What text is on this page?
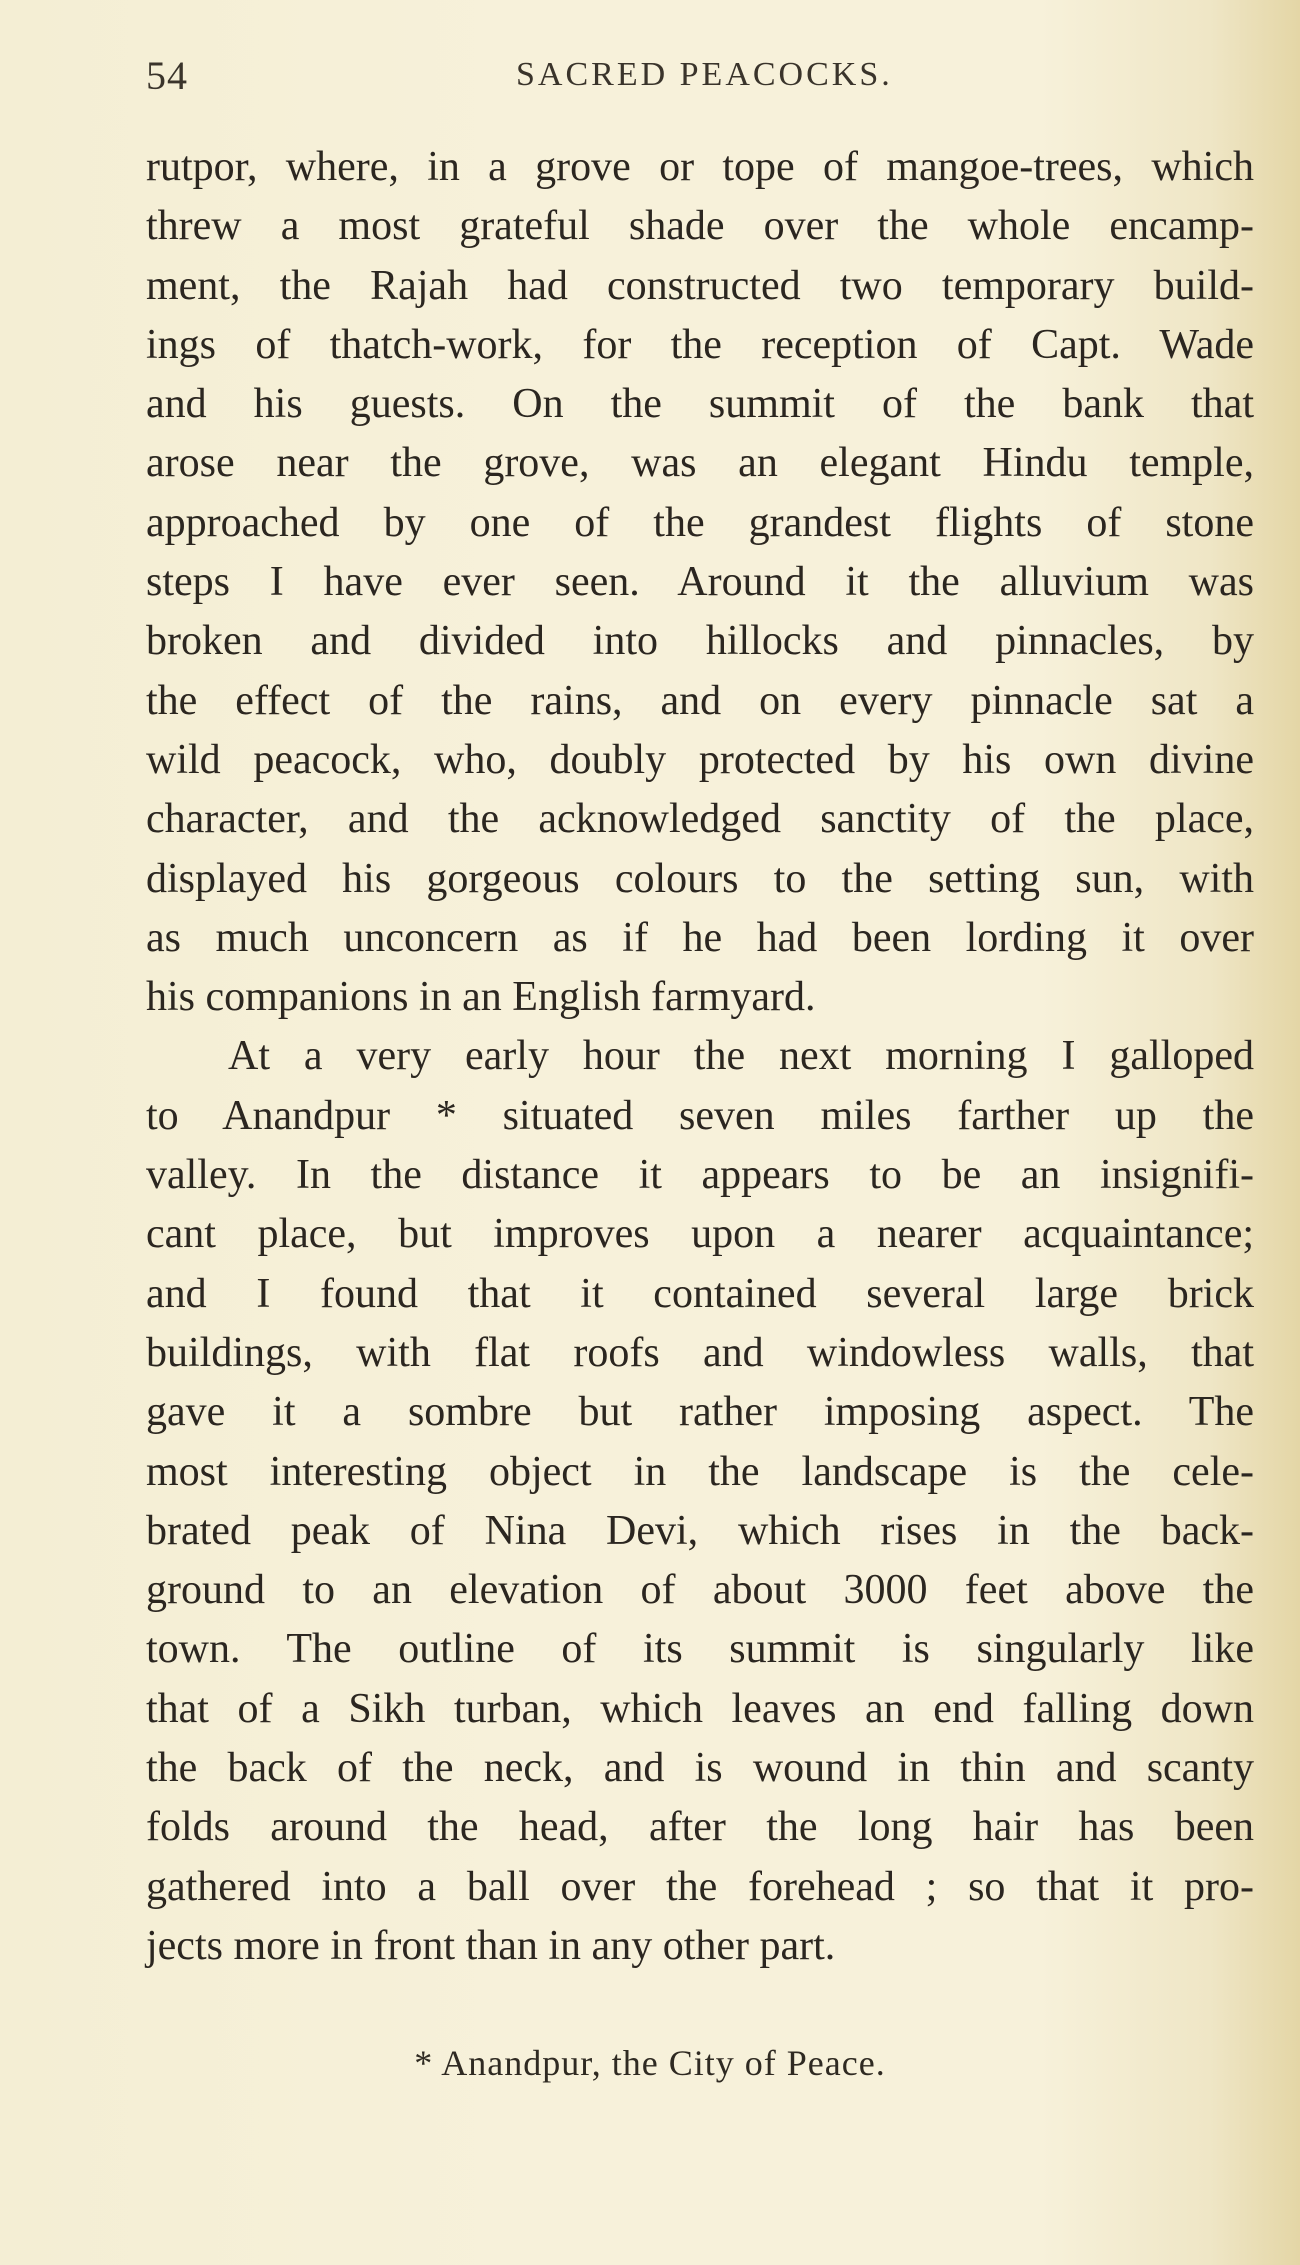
54	SACRED PEACOCKS.
rutpor, where, in a grove or tope of mangoe-trees, which
threw a most grateful shade over the whole encamp-
ment, the Rajah had constructed two temporary build-
ings of thatch-work, for the reception of Capt. Wade
and his guests. On the summit of the bank that
arose near the grove, was an elegant Hindu temple,
approached by one of the grandest flights of stone
steps I have ever seen. Around it the alluvium was
broken and divided into hillocks and pinnacles, by
the effect of the rains, and on every pinnacle sat a
wild peacock, who, doubly protected by his own divine
character, and the acknowledged sanctity of the place,
displayed his gorgeous colours to the setting sun, with
as much unconcern as if he had been lording it over
his companions in an English farmyard.
At a very early hour the next morning I galloped
to Anandpur * situated seven miles farther up the
valley. In the distance it appears to be an insignifi-
cant place, but improves upon a nearer acquaintance;
and I found that it contained several large brick
buildings, with flat roofs and windowless walls, that
gave it a sombre but rather imposing aspect. The
most interesting object in the landscape is the cele-
brated peak of Nina Devi, which rises in the back-
ground to an elevation of about 3000 feet above the
town. The outline of its summit is singularly like
that of a Sikh turban, which leaves an end falling down
the back of the neck, and is wound in thin and scanty
folds around the head, after the long hair has been
gathered into a ball over the forehead ; so that it pro-
jects more in front than in any other part.
* Anandpur, the City of Peace.
